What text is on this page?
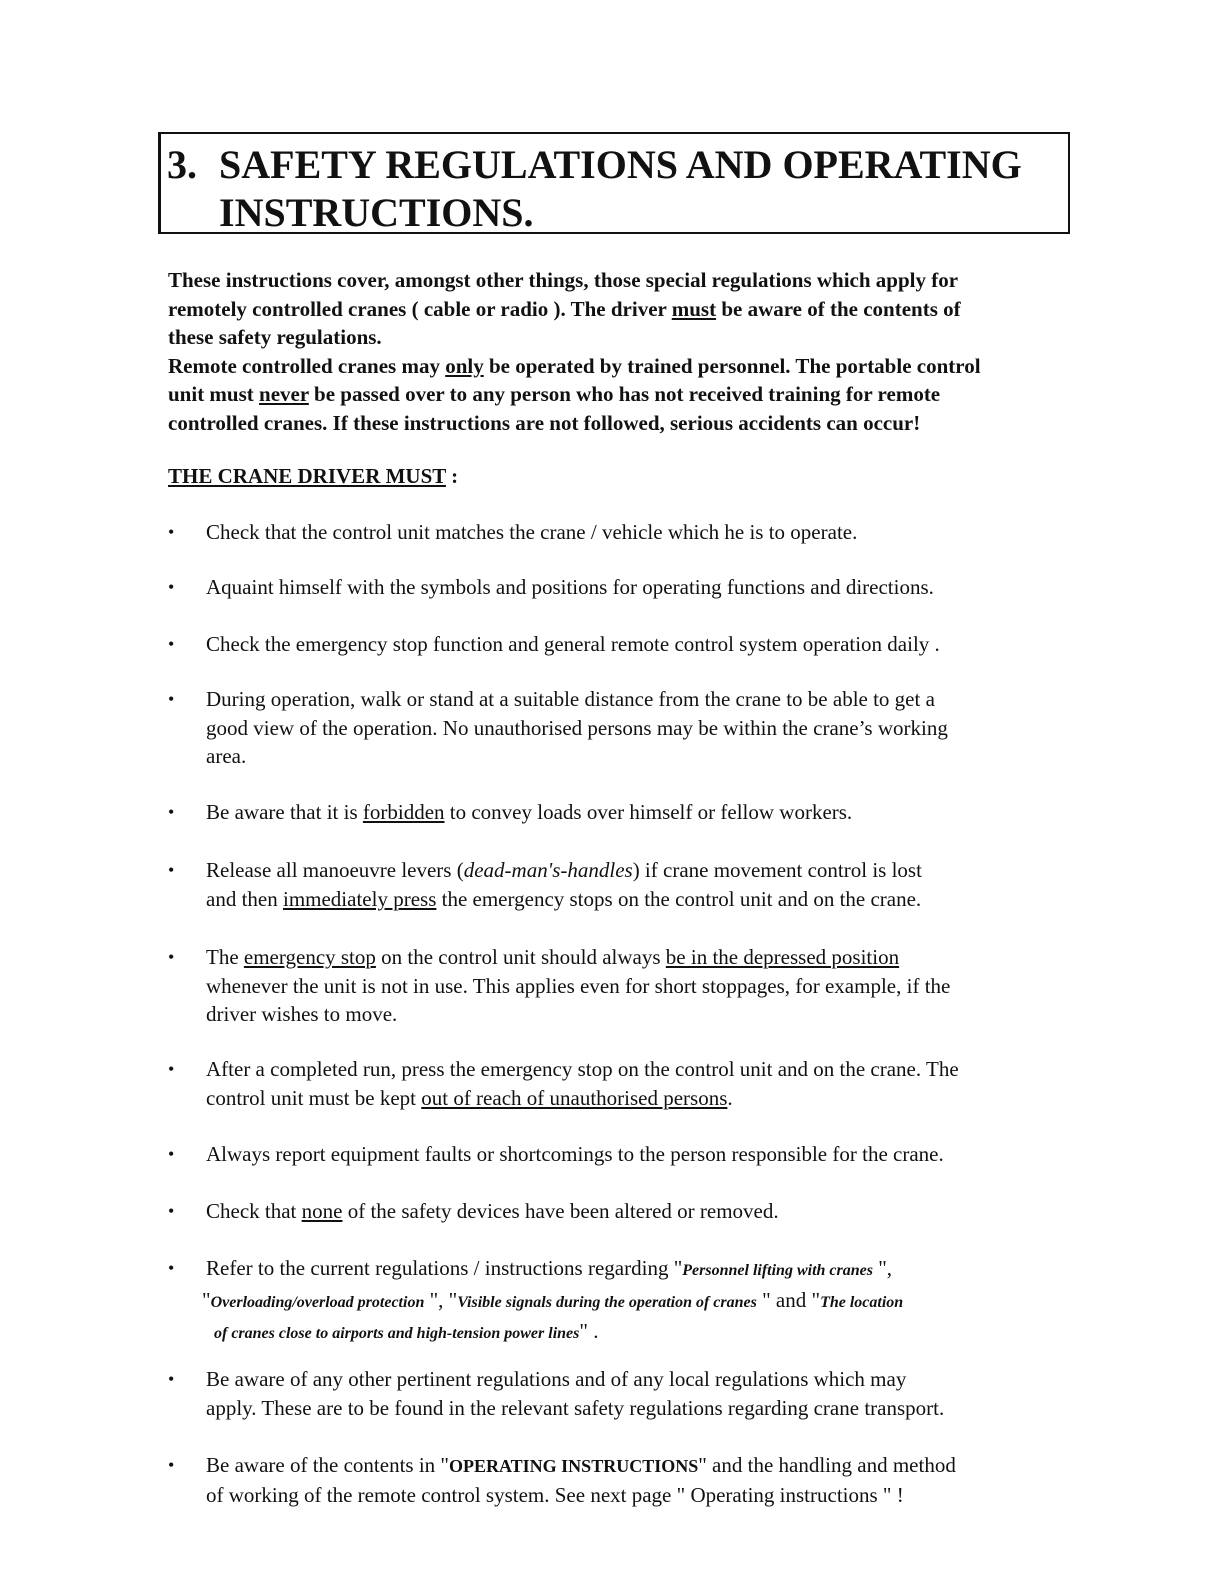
3. SAFETY REGULATIONS AND OPERATING
INSTRUCTIONS.
These instructions cover, amongst other things, those special regulations which apply for
remotely controlled cranes ( cable or radio ). The driver must be aware of the contents of
these safety regulations.
Remote controlled cranes may only be operated by trained personnel. The portable control
unit must never be passed over to any person who has not received training for remote
controlled cranes. If these instructions are not followed, serious accidents can occur!
THE CRANE DRIVER MUST :
•	Check that the control unit matches the crane / vehicle which he is to operate.
•	Aquaint himself with the symbols and positions for operating functions and directions.
•	Check the emergency stop function and general remote control system operation daily .
•	During operation, walk or stand at a suitable distance from the crane to be able to get a
good view of the operation. No unauthorised persons may be within the crane’s working
area.
•	Be aware that it is forbidden to convey loads over himself or fellow workers.
•	Release all manoeuvre levers (dead-man's-handles) if crane movement control is lost
and then immediately press the emergency stops on the control unit and on the crane.
•	The emergency stop on the control unit should always be in the depressed position
whenever the unit is not in use. This applies even for short stoppages, for example, if the
driver wishes to move.
•	After a completed run, press the emergency stop on the control unit and on the crane. The
control unit must be kept out of reach of unauthorised persons.
•	Always report equipment faults or shortcomings to the person responsible for the crane.
•	Check that none of the safety devices have been altered or removed.
•	Refer to the current regulations / instructions regarding "Personnel lifting with cranes ",
"Overloading/overload protection ", "Visible signals during the operation of cranes " and "The location
of cranes close to airports and high-tension power lines" .
•	Be aware of any other pertinent regulations and of any local regulations which may
apply. These are to be found in the relevant safety regulations regarding crane transport.
•	Be aware of the contents in "OPERATING INSTRUCTIONS" and the handling and method
of working of the remote control system. See next page " Operating instructions " !
